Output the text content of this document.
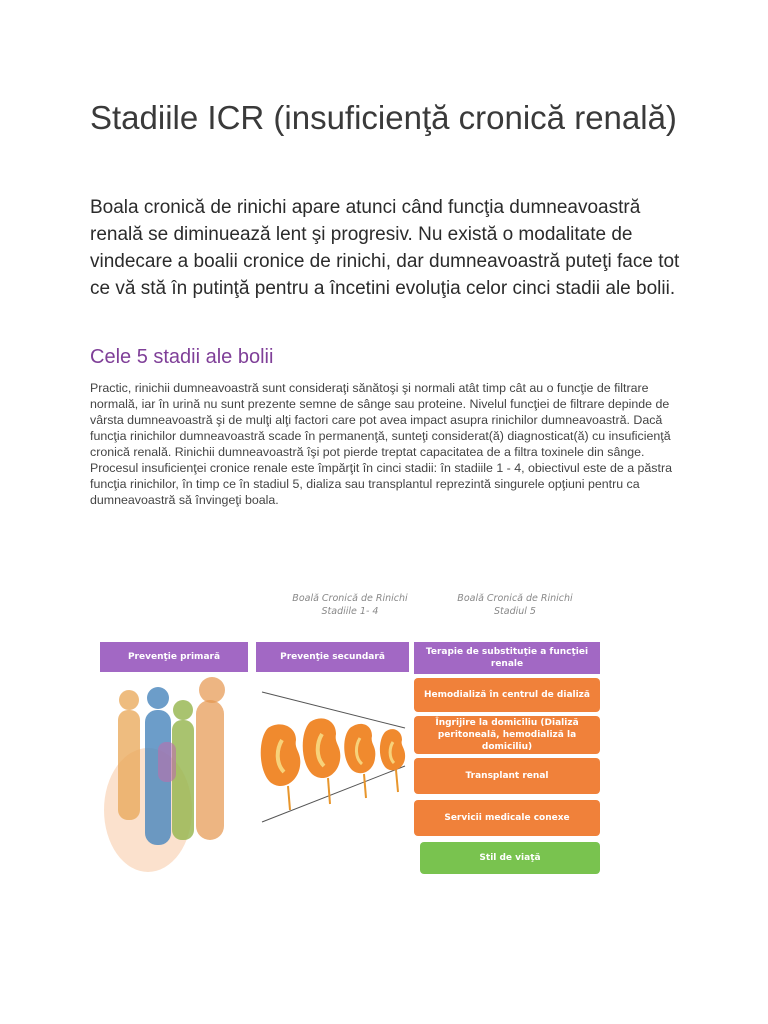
Stadiile ICR (insuficienţă cronică renală)

Boala cronică de rinichi apare atunci când funcţia dumneavoastră renală se diminuează lent şi progresiv. Nu există o modalitate de vindecare a boalii cronice de rinichi, dar dumneavoastră puteţi face tot ce vă stă în putinţă pentru a încetini evoluţia celor cinci stadii ale bolii.

Cele 5 stadii ale bolii

Practic, rinichii dumneavoastră sunt consideraţi sănătoşi şi normali atât timp cât au o funcţie de filtrare normală, iar în urină nu sunt prezente semne de sânge sau proteine. Nivelul funcţiei de filtrare depinde de vârsta dumneavoastră şi de mulţi alţi factori care pot avea impact asupra rinichilor dumneavoastră. Dacă funcţia rinichilor dumneavoastră scade în permanenţă, sunteţi considerat(ă) diagnosticat(ă) cu insuficienţă cronică renală. Rinichii dumneavoastră îşi pot pierde treptat capacitatea de a filtra toxinele din sânge. Procesul insuficienţei cronice renale este împărţit în cinci stadii: în stadiile 1 - 4, obiectivul este de a păstra funcţia rinichilor, în timp ce în stadiul 5, dializa sau transplantul reprezintă singurele opţiuni pentru ca dumneavoastră să învingeţi boala.

Boală Cronică de Rinichi
Stadiile 1- 4
Boală Cronică de Rinichi
Stadiul 5
Prevenţie primară	Prevenţie secundară	Terapie de substituţie a funcţiei renale
Hemodializă în centrul de dializă
Îngrijire la domiciliu (Dializă peritoneală, hemodializă la domiciliu)
Transplant renal
Servicii medicale conexe
Stil de viaţă
